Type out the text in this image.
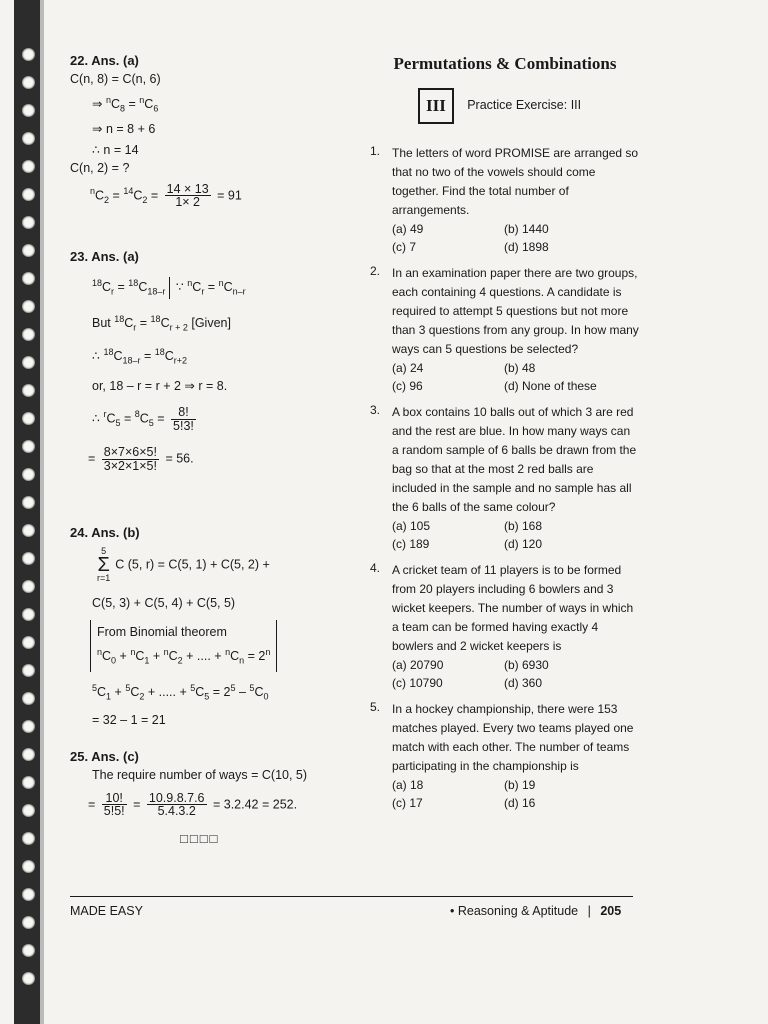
22. Ans. (a)

C(n, 8) = C(n, 6)

⇒ $^nC_8 = ^nC_6$

⇒ n = 8 + 6

∴ n = 14

C(n, 2) = ?

$^nC_2 = ^{14}C_2 = \frac{14 \times 13}{1\times 2} = 91$

23. Ans. (a)

$^{18}C_r = ^{18}C_{18-r}$ ∵ $^nC_r = ^nC_{n-r}$

But $^{18}C_r = ^{18}C_{r + 2}$ [Given]

∴ $^{18}C_{18-r} = ^{18}C_{r+2}$

or, 18 – r = r + 2 ⇒ r = 8.

∴ $^rC_5 = ^8C_5 = \frac{8!}{5!3!}$

= $\frac{8\times 7\times 6\times 5!}{3\times 2\times 1\times 5!} = 56$.

24. Ans. (b)

5
Σ
r=1
C (5, r) = C(5, 1) + C(5, 2) +

C(5, 3) + C(5, 4) + C(5, 5)

From Binomial theorem
$^nC_0 + ^nC_1 + ^nC_2$ + .... + $^nC_n = 2^n$

$^5C_1 + ^5C_2$ + ..... + $^5C_5 = 2^5 - ^5C_0$

= 32 – 1 = 21

25. Ans. (c)

The require number of ways = C(10, 5)

= $\frac{10!}{5!5!} = \frac{10.9.8.7.6}{5.4.3.2} = 3.2.42 = 252$.

□□□□

Permutations & Combinations

III Practice Exercise: III
1. The letters of word PROMISE are arranged so that no two of the vowels should come together. Find the total number of arrangements.
(a) 49	(b) 1440
(c) 7	(d) 1898
2. In an examination paper there are two groups, each containing 4 questions. A candidate is required to attempt 5 questions but not more than 3 questions from any group. In how many ways can 5 questions be selected?
(a) 24	(b) 48
(c) 96	(d) None of these
3. A box contains 10 balls out of which 3 are red and the rest are blue. In how many ways can a random sample of 6 balls be drawn from the bag so that at the most 2 red balls are included in the sample and no sample has all the 6 balls of the same colour?
(a) 105	(b) 168
(c) 189	(d) 120
4. A cricket team of 11 players is to be formed from 20 players including 6 bowlers and 3 wicket keepers. The number of ways in which a team can be formed having exactly 4 bowlers and 2 wicket keepers is
(a) 20790	(b) 6930
(c) 10790	(d) 360
5. In a hockey championship, there were 153 matches played. Every two teams played one match with each other. The number of teams participating in the championship is
(a) 18	(b) 19
(c) 17	(d) 16
MADE EASY	• Reasoning & Aptitude | 205
